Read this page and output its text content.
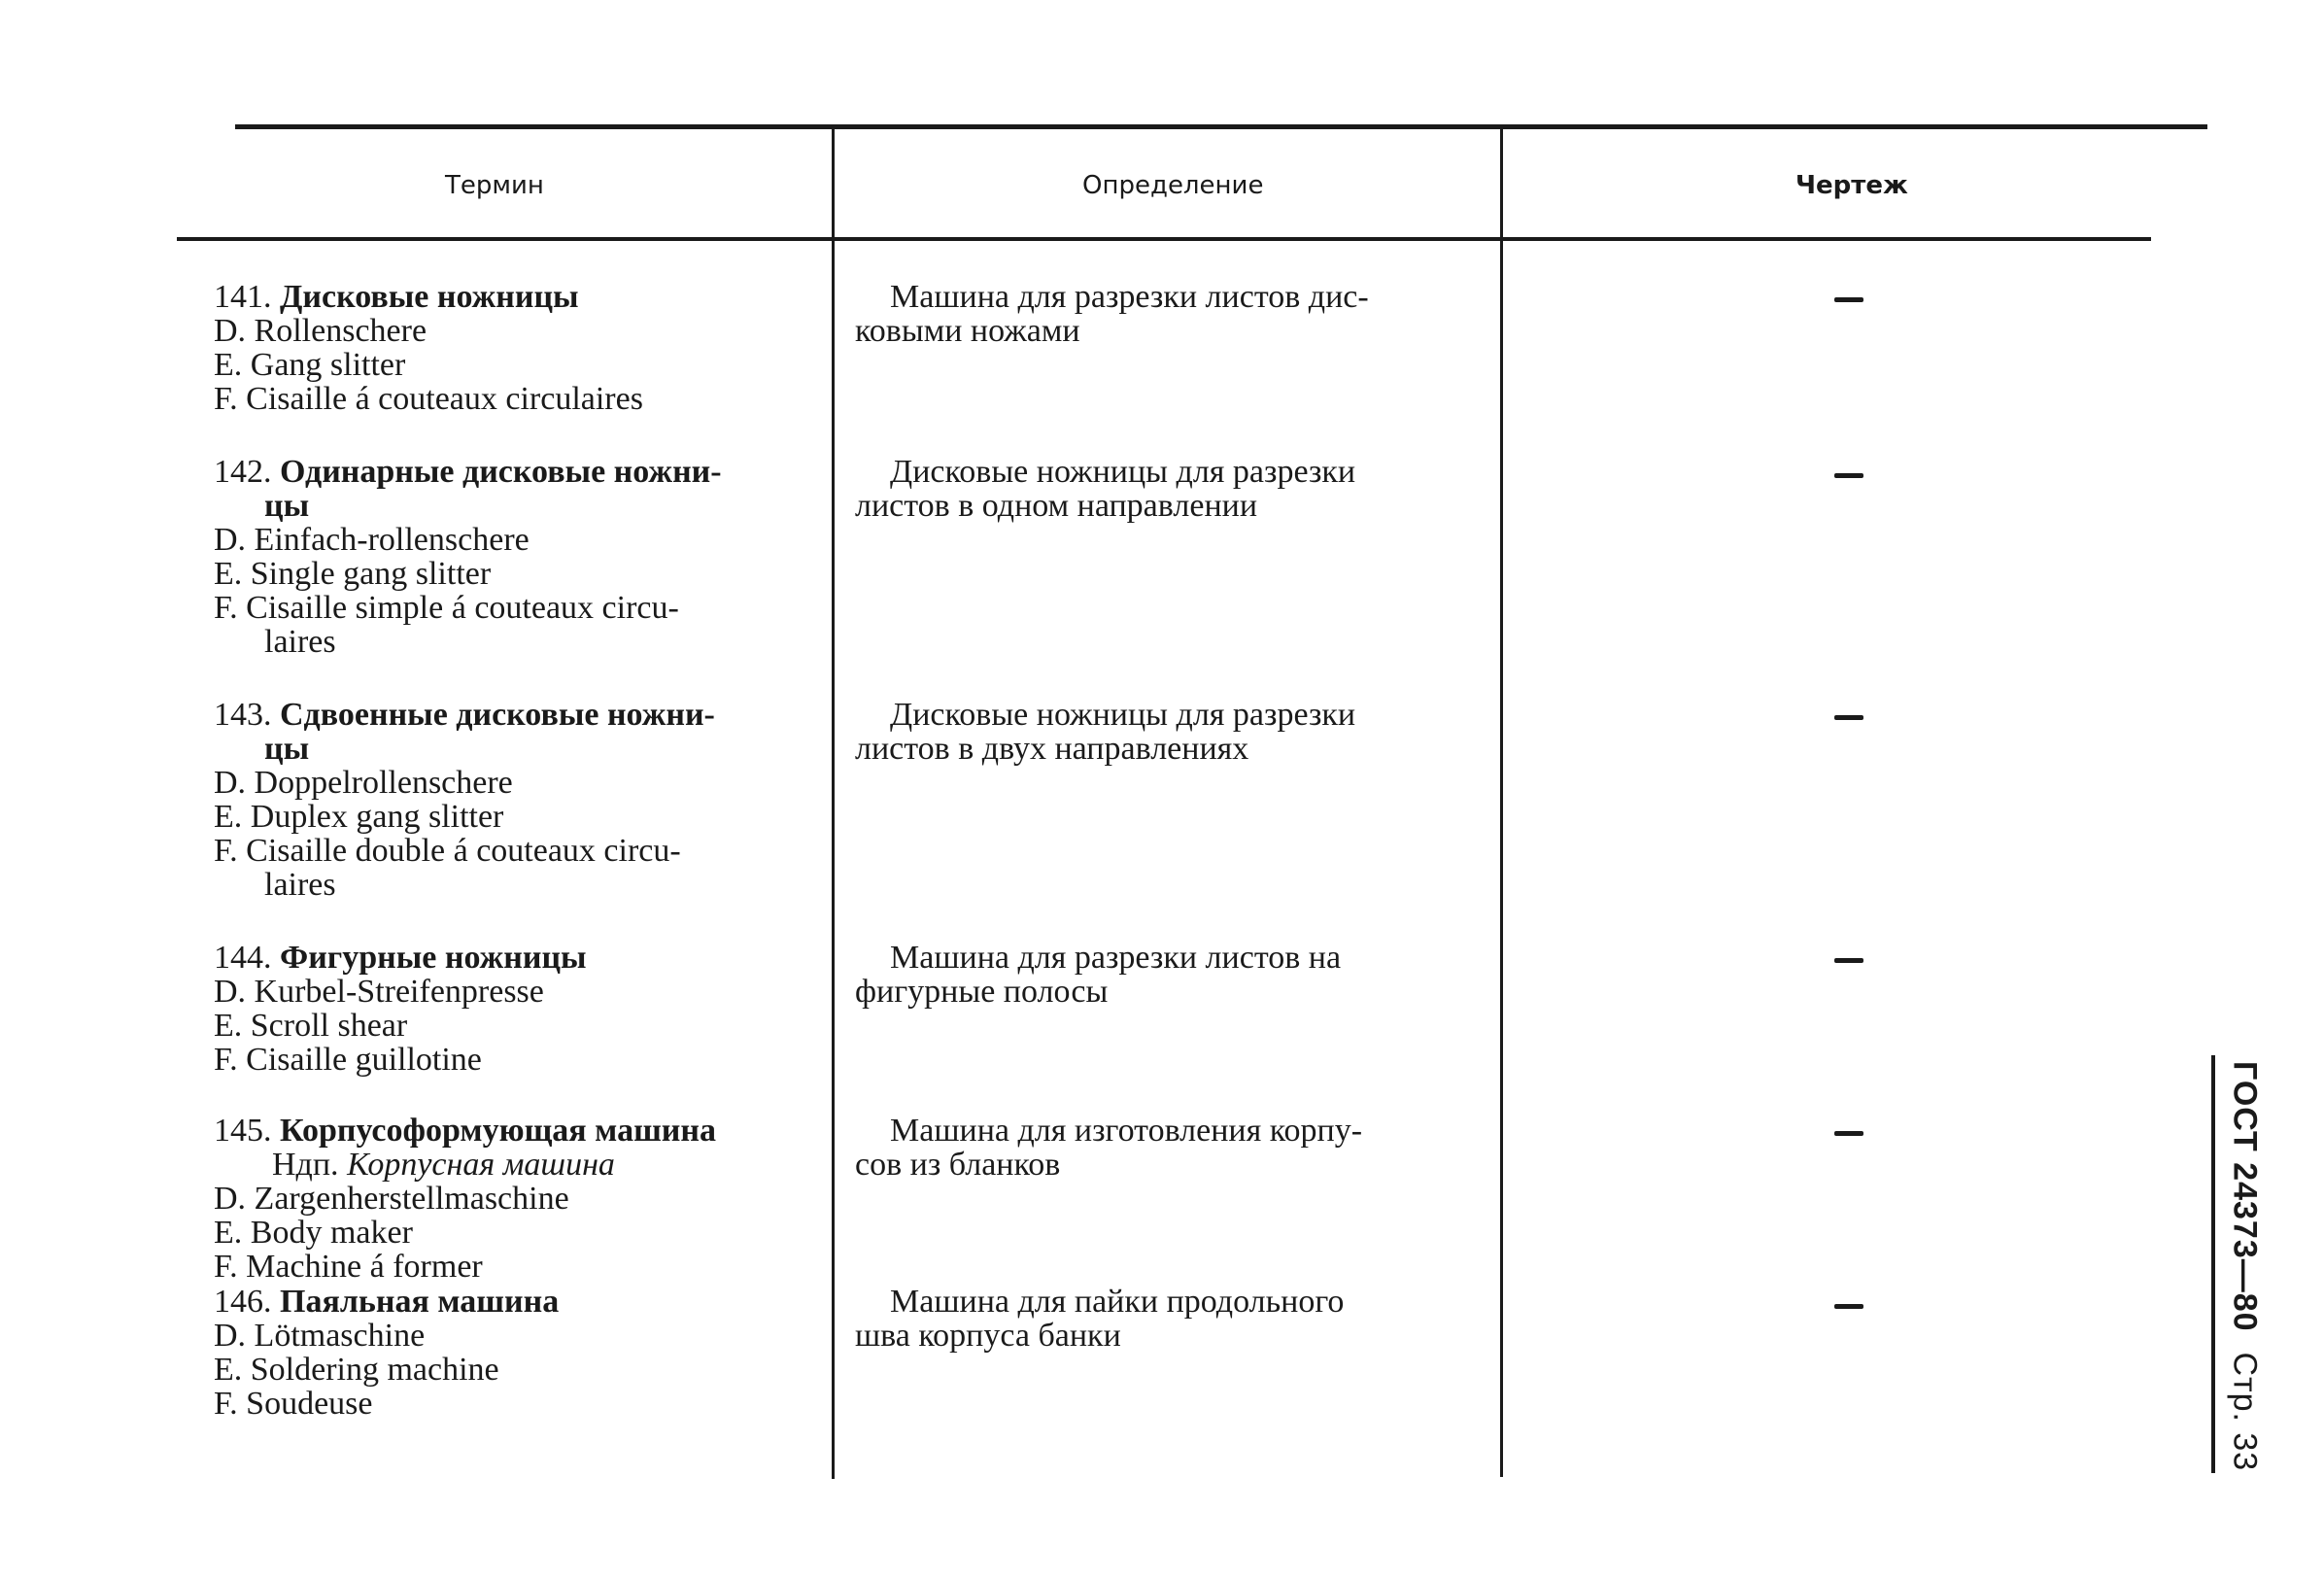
Термин	Определение	Чертеж
141. Дисковые ножницы
D. Rollenschere
E. Gang slitter
F. Cisaille á couteaux circulaires
Машина для разрезки листов дис-
ковыми ножами
142. Одинарные дисковые ножни-
цы
D. Einfach-rollenschere
E. Single gang slitter
F. Cisaille simple á couteaux circu-
laires
Дисковые ножницы для разрезки
листов в одном направлении
143. Сдвоенные дисковые ножни-
цы
D. Doppelrollenschere
E. Duplex gang slitter
F. Cisaille double á couteaux circu-
laires
Дисковые ножницы для разрезки
листов в двух направлениях
144. Фигурные ножницы
D. Kurbel-Streifenpresse
E. Scroll shear
F. Cisaille guillotine
Машина для разрезки листов на
фигурные полосы
145. Корпусоформующая машина
Ндп. Корпусная машина
D. Zargenherstellmaschine
E. Body maker
F. Machine á former
Машина для изготовления корпу-
сов из бланков
146. Паяльная машина
D. Lötmaschine
E. Soldering machine
F. Soudeuse
Машина для пайки продольного
шва корпуса банки
ГОСТ 24373—80  Стр. 33
